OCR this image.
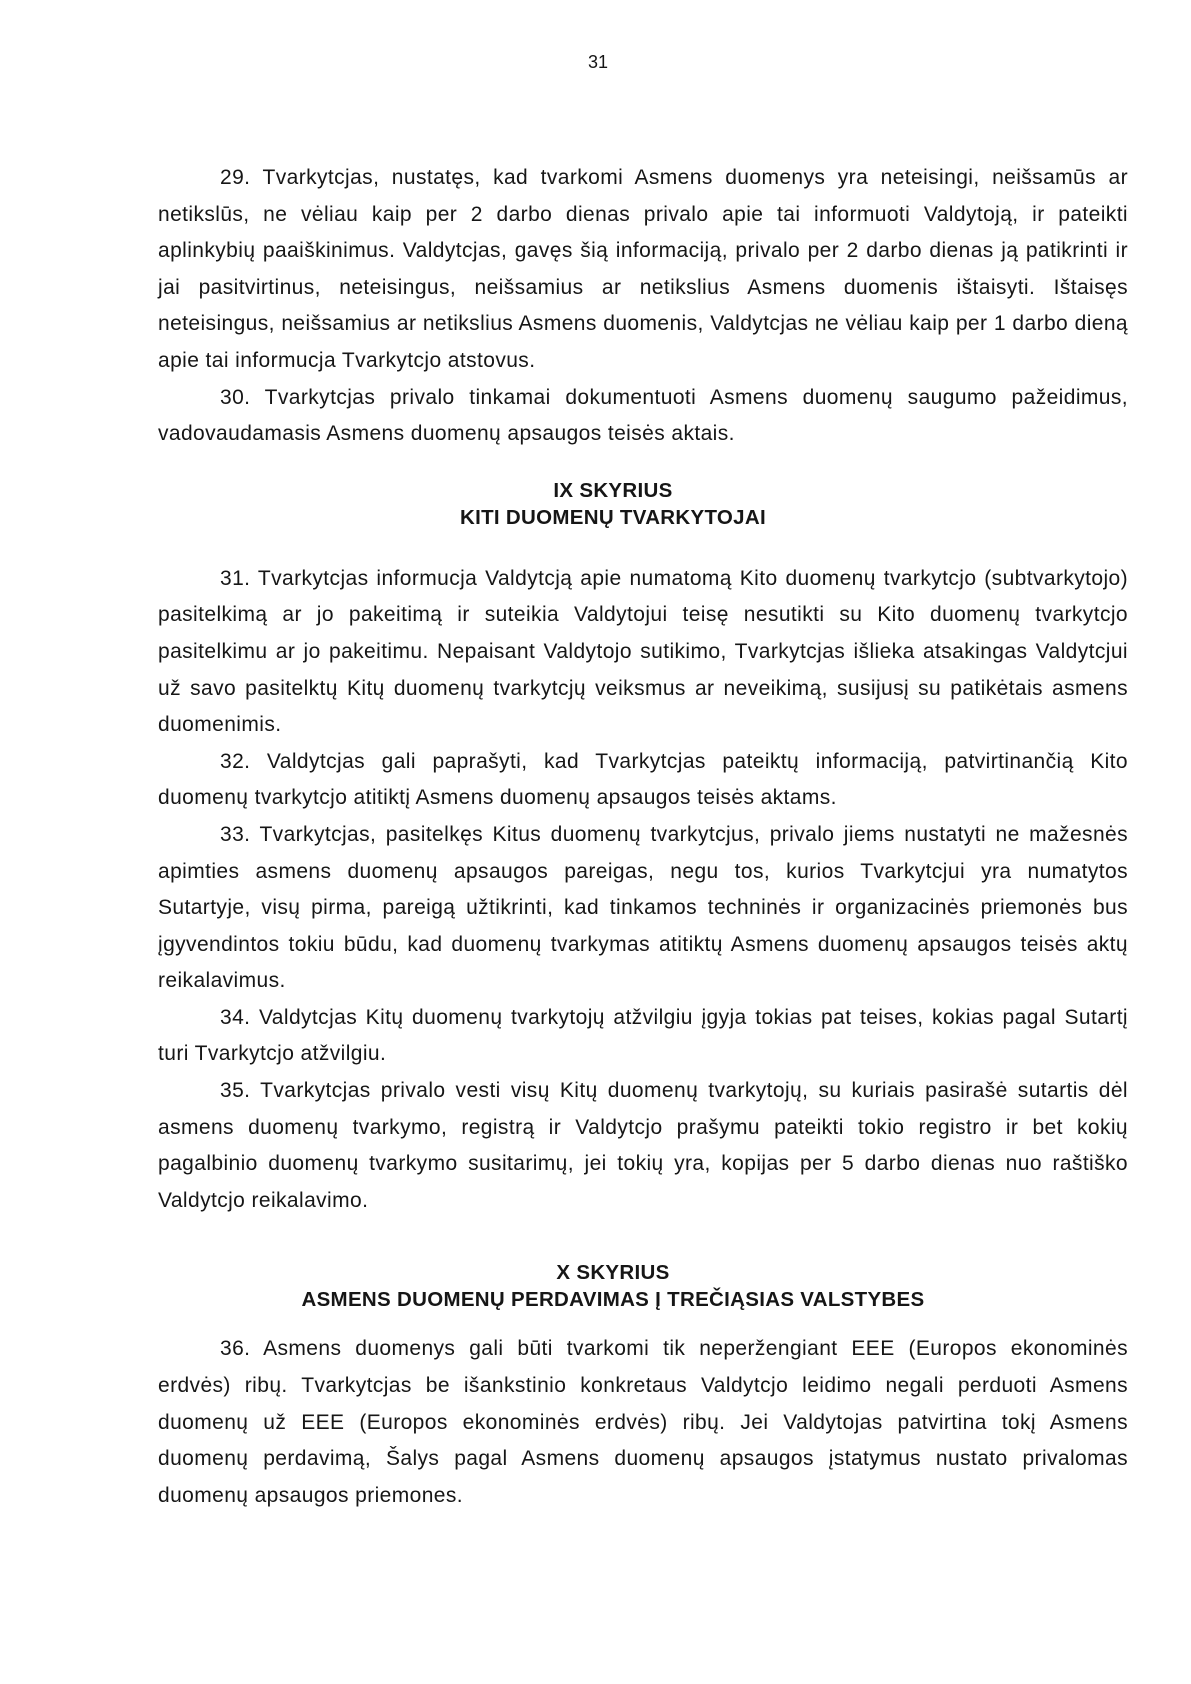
31

29. Tvarkytcjas, nustatęs, kad tvarkomi Asmens duomenys yra neteisingi, neišsamūs ar netikslūs, ne vėliau kaip per 2 darbo dienas privalo apie tai informuoti Valdytoją, ir pateikti aplinkybių paaiškinimus. Valdytcjas, gavęs šią informaciją, privalo per 2 darbo dienas ją patikrinti ir jai pasitvirtinus, neteisingus, neišsamius ar netikslius Asmens duomenis ištaisyti. Ištaisęs neteisingus, neišsamius ar netikslius Asmens duomenis, Valdytcjas ne vėliau kaip per 1 darbo dieną apie tai informucja Tvarkytcjo atstovus.

30. Tvarkytcjas privalo tinkamai dokumentuoti Asmens duomenų saugumo pažeidimus, vadovaudamasis Asmens duomenų apsaugos teisės aktais.

IX SKYRIUS
KITI DUOMENŲ TVARKYTOJAI

31. Tvarkytcjas informucja Valdytcją apie numatomą Kito duomenų tvarkytcjo (subtvarkytojo) pasitelkimą ar jo pakeitimą ir suteikia Valdytojui teisę nesutikti su Kito duomenų tvarkytcjo pasitelkimu ar jo pakeitimu. Nepaisant Valdytojo sutikimo, Tvarkytcjas išlieka atsakingas Valdytcjui už savo pasitelktų Kitų duomenų tvarkytcjų veiksmus ar neveikimą, susijusį su patikėtais asmens duomenimis.

32. Valdytcjas gali paprašyti, kad Tvarkytcjas pateiktų informaciją, patvirtinančią Kito duomenų tvarkytcjo atitiktį Asmens duomenų apsaugos teisės aktams.

33. Tvarkytcjas, pasitelkęs Kitus duomenų tvarkytcjus, privalo jiems nustatyti ne mažesnės apimties asmens duomenų apsaugos pareigas, negu tos, kurios Tvarkytcjui yra numatytos Sutartyje, visų pirma, pareigą užtikrinti, kad tinkamos techninės ir organizacinės priemonės bus įgyvendintos tokiu būdu, kad duomenų tvarkymas atitiktų Asmens duomenų apsaugos teisės aktų reikalavimus.

34. Valdytcjas Kitų duomenų tvarkytojų atžvilgiu įgyja tokias pat teises, kokias pagal Sutartį turi Tvarkytcjo atžvilgiu.

35. Tvarkytcjas privalo vesti visų Kitų duomenų tvarkytojų, su kuriais pasirašė sutartis dėl asmens duomenų tvarkymo, registrą ir Valdytcjo prašymu pateikti tokio registro ir bet kokių pagalbinio duomenų tvarkymo susitarimų, jei tokių yra, kopijas per 5 darbo dienas nuo raštiško Valdytcjo reikalavimo.

X SKYRIUS
ASMENS DUOMENŲ PERDAVIMAS Į TREČIĄSIAS VALSTYBES

36. Asmens duomenys gali būti tvarkomi tik neperžengiant EEE (Europos ekonominės erdvės) ribų. Tvarkytcjas be išankstinio konkretaus Valdytcjo leidimo negali perduoti Asmens duomenų už EEE (Europos ekonominės erdvės) ribų. Jei Valdytojas patvirtina tokį Asmens duomenų perdavimą, Šalys pagal Asmens duomenų apsaugos įstatymus nustato privalomas duomenų apsaugos priemones.
